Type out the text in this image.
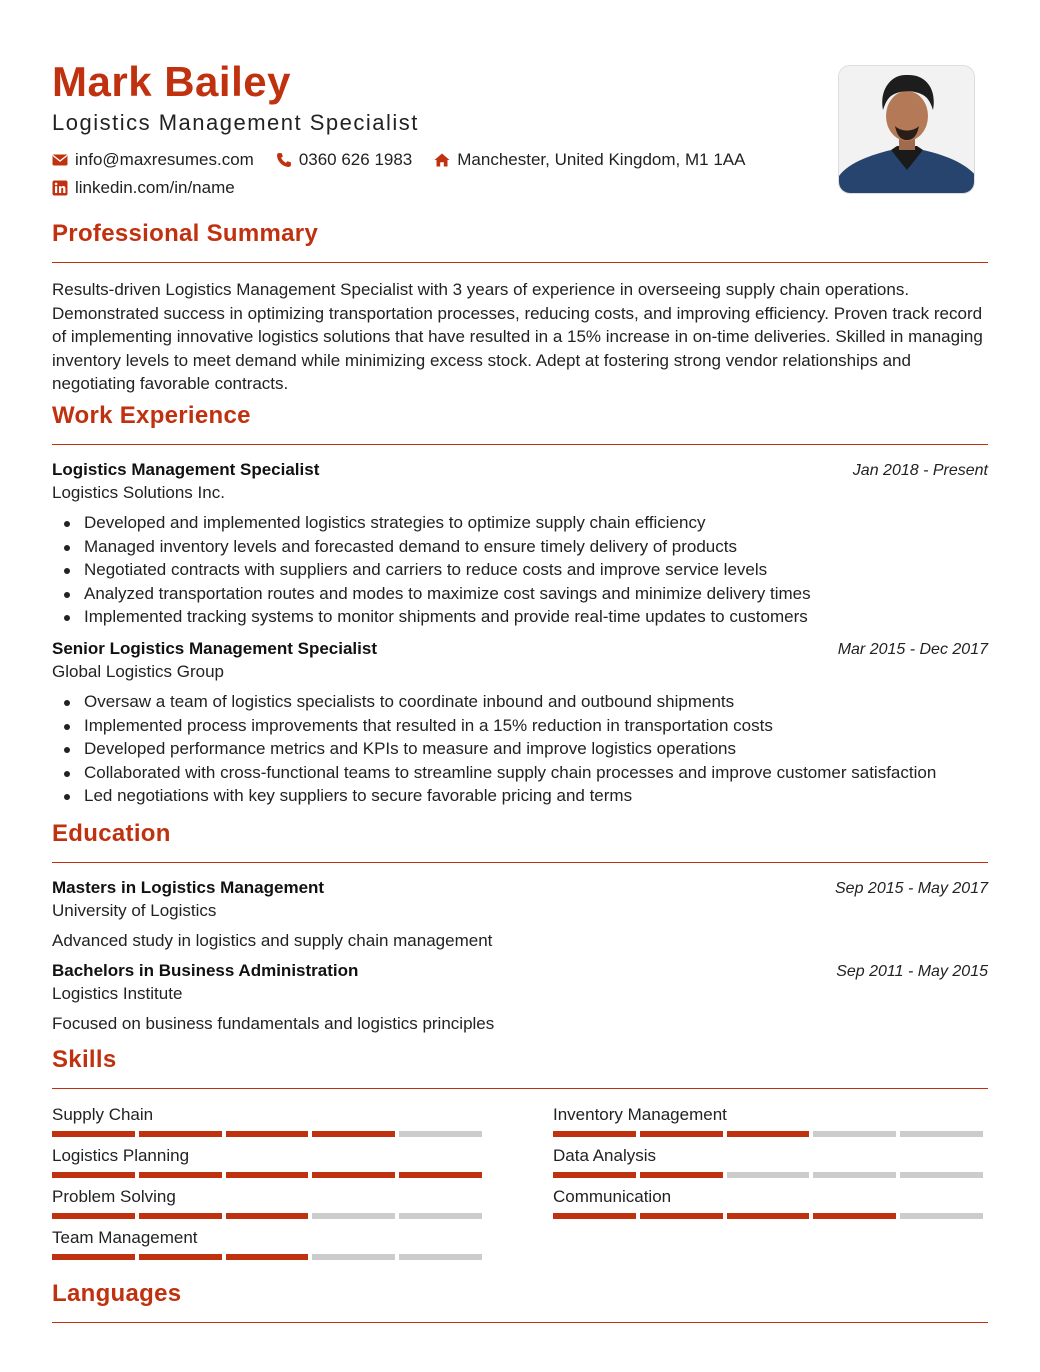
Mark Bailey
Logistics Management Specialist
info@maxresumes.com	0360 626 1983	Manchester, United Kingdom, M1 1AA
linkedin.com/in/name
Professional Summary

Results-driven Logistics Management Specialist with 3 years of experience in overseeing supply chain operations. Demonstrated success in optimizing transportation processes, reducing costs, and improving efficiency. Proven track record of implementing innovative logistics solutions that have resulted in a 15% increase in on-time deliveries. Skilled in managing inventory levels to meet demand while minimizing excess stock. Adept at fostering strong vendor relationships and negotiating favorable contracts.

Work Experience
Logistics Management Specialist	Jan 2018 - Present
Logistics Solutions Inc.
Developed and implemented logistics strategies to optimize supply chain efficiency
Managed inventory levels and forecasted demand to ensure timely delivery of products
Negotiated contracts with suppliers and carriers to reduce costs and improve service levels
Analyzed transportation routes and modes to maximize cost savings and minimize delivery times
Implemented tracking systems to monitor shipments and provide real-time updates to customers
Senior Logistics Management Specialist	Mar 2015 - Dec 2017
Global Logistics Group
Oversaw a team of logistics specialists to coordinate inbound and outbound shipments
Implemented process improvements that resulted in a 15% reduction in transportation costs
Developed performance metrics and KPIs to measure and improve logistics operations
Collaborated with cross-functional teams to streamline supply chain processes and improve customer satisfaction
Led negotiations with key suppliers to secure favorable pricing and terms
Education
Masters in Logistics Management	Sep 2015 - May 2017
University of Logistics
Advanced study in logistics and supply chain management
Bachelors in Business Administration	Sep 2011 - May 2015
Logistics Institute
Focused on business fundamentals and logistics principles
Skills
Supply Chain	Inventory Management
Logistics Planning	Data Analysis
Problem Solving	Communication
Team Management
Languages
